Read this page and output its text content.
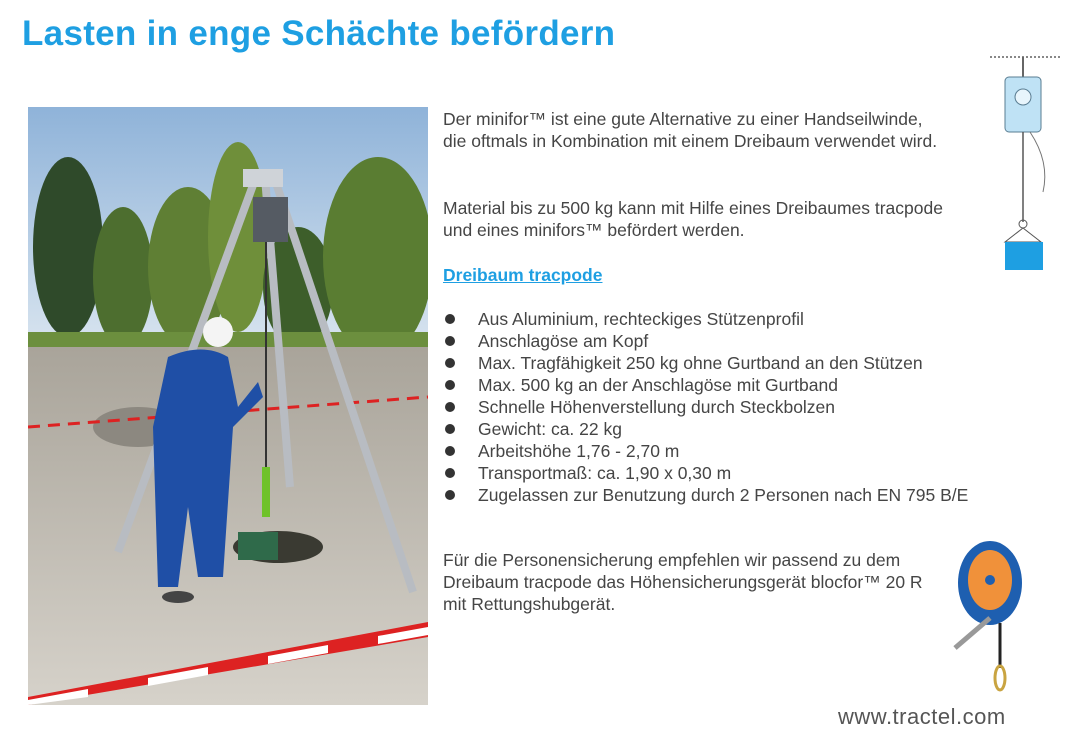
Lasten in enge Schächte befördern
Der minifor™ ist eine gute Alternative zu einer Handseilwinde, die oftmals in Kombination mit einem Dreibaum verwendet wird.
Material bis zu 500 kg kann mit Hilfe eines Dreibaumes tracpode und eines minifors™ befördert werden.
Dreibaum tracpode
Aus Aluminium, rechteckiges Stützenprofil
Anschlagöse am Kopf
Max. Tragfähigkeit 250 kg ohne Gurtband an den Stützen
Max. 500 kg an der Anschlagöse mit Gurtband
Schnelle Höhenverstellung durch Steckbolzen
Gewicht: ca. 22 kg
Arbeitshöhe 1,76 - 2,70 m
Transportmaß: ca. 1,90 x 0,30 m
Zugelassen zur Benutzung durch 2 Personen nach EN 795 B/E
Für die Personensicherung empfehlen wir passend zu dem Dreibaum tracpode das Höhensicherungsgerät blocfor™ 20 R mit Rettungshubgerät.
www.tractel.com
